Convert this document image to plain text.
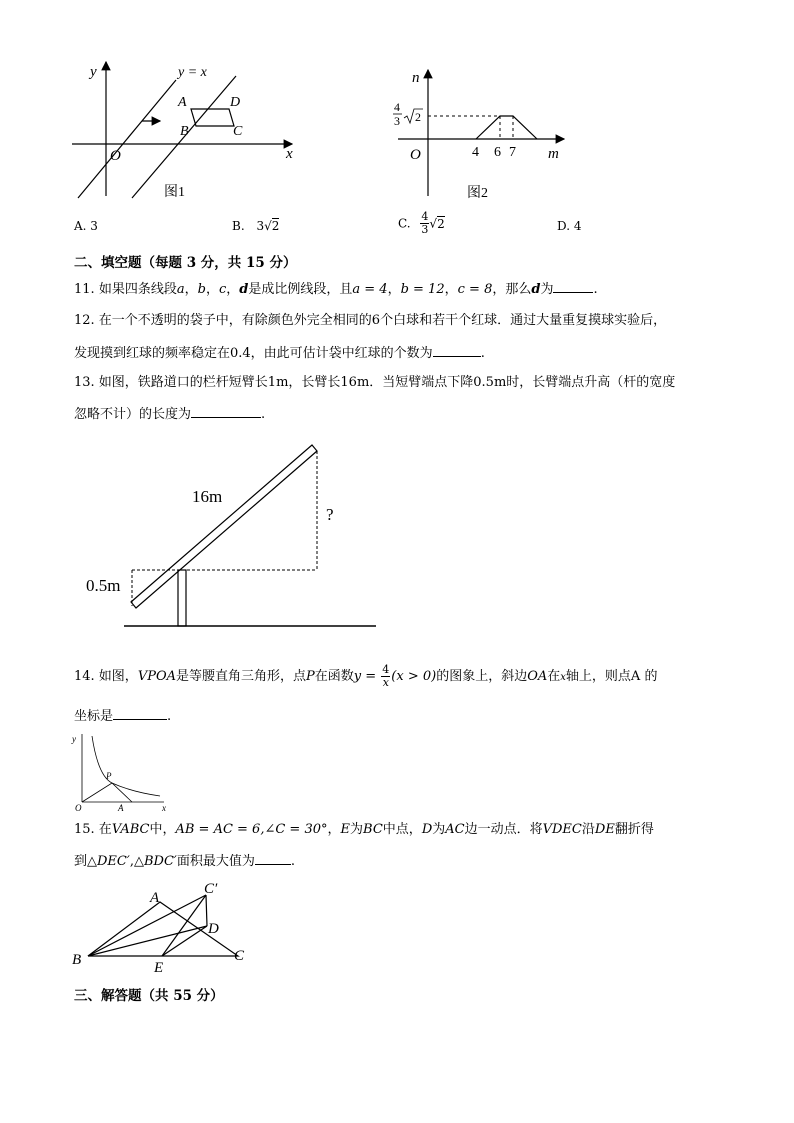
y
x
O
y = x
A	D
B	C
图1
n
m
O	4 6 7
4
3 2
图2
A. 3	B. 3√2	C. $\frac{4}{3} √2$	D. 4
二、填空题（每题 3 分，共 15 分）
11. 如果四条线段a，b，c，d是成比例线段，且a = 4，b = 12，c = 8，那么d为	.
12. 在一个不透明的袋子中，有除颜色外完全相同的6个白球和若干个红球．通过大量重复摸球实验后，
发现摸到红球的频率稳定在0.4，由此可估计袋中红球的个数为	.
13. 如图，铁路道口的栏杆短臂长1m，长臂长16m．当短臂端点下降0.5m时，长臂端点升高（杆的宽度
忽略不计）的长度为	.
16m
?
0.5m
14. 如图，VPOA是等腰直角三角形，点P在函数$y = \frac{4}{x} (x > 0)$的图象上，斜边OA在x轴上，则点A 的
坐标是	.
y
x
O
P
A
15. 在VABC中，AB = AC = 6,∠C = 30°，E为BC中点，D为AC边一动点．将VDEC沿DE翻折得
到△DEC′,△BDC′面积最大值为	.
A
C′
D
B	E
C
三、解答题（共 55 分）
